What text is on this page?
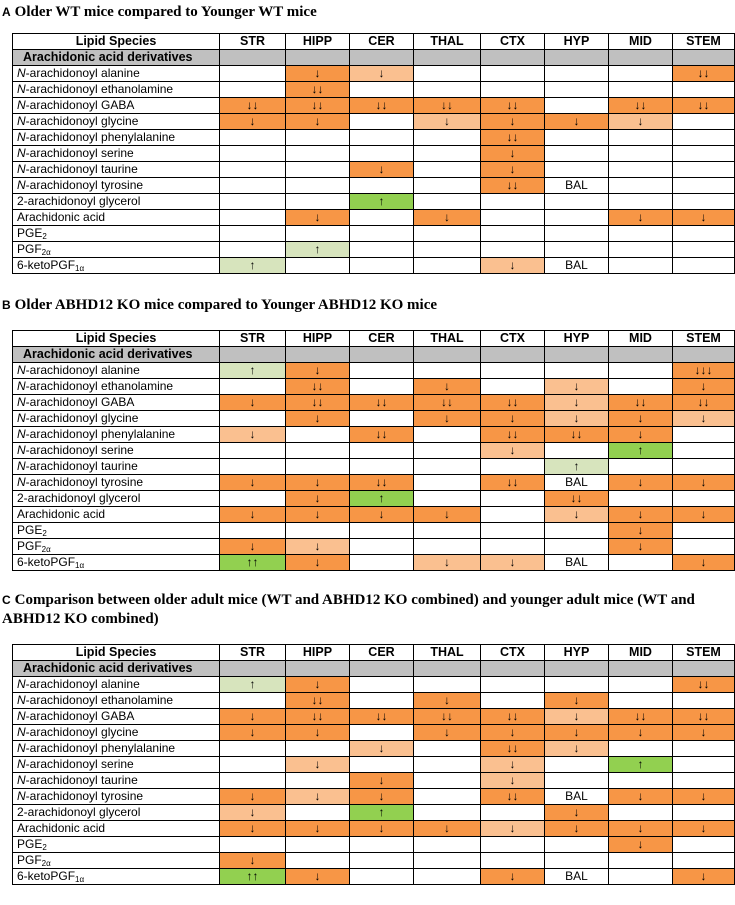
A Older WT mice compared to Younger WT mice
Lipid Species	STR	HIPP	CER	THAL	CTX	HYP	MID	STEM
Arachidonic acid derivatives								
N-arachidonoyl alanine		↓	↓					↓↓
N-arachidonoyl ethanolamine		↓↓						
N-arachidonoyl GABA	↓↓	↓↓	↓↓	↓↓	↓↓		↓↓	↓↓
N-arachidonoyl glycine	↓	↓		↓	↓	↓	↓	
N-arachidonoyl phenylalanine					↓↓			
N-arachidonoyl serine					↓			
N-arachidonoyl taurine			↓		↓			
N-arachidonoyl tyrosine					↓↓	BAL		
2-arachidonoyl glycerol			↑					
Arachidonic acid		↓		↓			↓	↓
$PGE_2$								
$PGF_{2\alpha}$		↑						
6-ketoPGF$_{1\alpha}$	↑				↓	BAL		
B Older ABHD12 KO mice compared to Younger ABHD12 KO mice
Lipid Species	STR	HIPP	CER	THAL	CTX	HYP	MID	STEM
Arachidonic acid derivatives								
N-arachidonoyl alanine	↑	↓						↓↓↓
N-arachidonoyl ethanolamine		↓↓		↓		↓		↓
N-arachidonoyl GABA	↓	↓↓	↓↓	↓↓	↓↓	↓	↓↓	↓↓
N-arachidonoyl glycine		↓		↓	↓	↓	↓	↓
N-arachidonoyl phenylalanine	↓		↓↓		↓↓	↓↓	↓	
N-arachidonoyl serine					↓		↑	
N-arachidonoyl taurine						↑		
N-arachidonoyl tyrosine	↓	↓	↓↓		↓↓	BAL	↓	↓
2-arachidonoyl glycerol		↓	↑			↓↓		
Arachidonic acid	↓	↓	↓	↓		↓	↓	↓
$PGE_2$							↓	
$PGF_{2\alpha}$	↓	↓					↓	
6-ketoPGF$_{1\alpha}$	↑↑	↓		↓	↓	BAL		↓
C Comparison between older adult mice (WT and ABHD12 KO combined) and younger adult mice (WT and ABHD12 KO combined)
Lipid Species	STR	HIPP	CER	THAL	CTX	HYP	MID	STEM
Arachidonic acid derivatives								
N-arachidonoyl alanine	↑	↓						↓↓
N-arachidonoyl ethanolamine		↓↓		↓		↓		
N-arachidonoyl GABA	↓	↓↓	↓↓	↓↓	↓↓	↓	↓↓	↓↓
N-arachidonoyl glycine	↓	↓		↓	↓	↓	↓	↓
N-arachidonoyl phenylalanine			↓		↓↓	↓		
N-arachidonoyl serine		↓			↓		↑	
N-arachidonoyl taurine			↓		↓			
N-arachidonoyl tyrosine	↓	↓	↓		↓↓	BAL	↓	↓
2-arachidonoyl glycerol	↓		↑			↓		
Arachidonic acid	↓	↓	↓	↓	↓	↓	↓	↓
$PGE_2$							↓	
$PGF_{2\alpha}$	↓							
6-ketoPGF$_{1\alpha}$	↑↑	↓			↓	BAL		↓
